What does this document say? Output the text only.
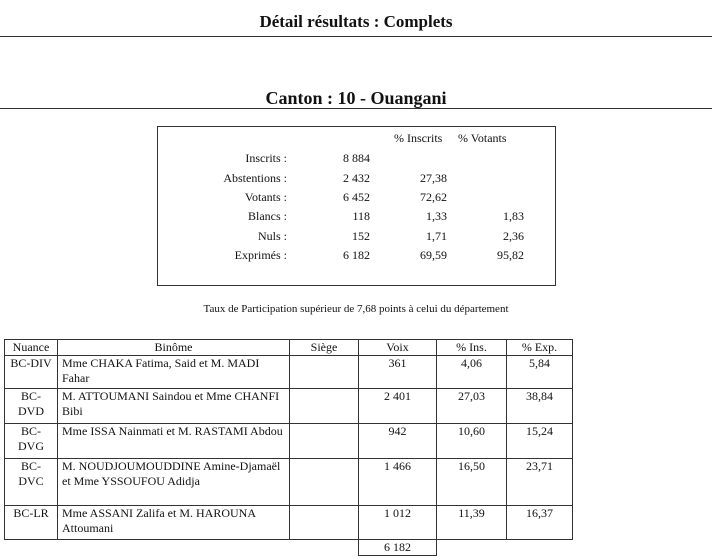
Détail résultats : Complets
Canton : 10 - Ouangani
% Inscrits % Votants
Inscrits :	8 884
Abstentions :	2 432	27,38
Votants :	6 452	72,62
Blancs :	118	1,33	1,83
Nuls :	152	1,71	2,36
Exprimés :	6 182	69,59	95,82
Taux de Participation supérieur de 7,68 points à celui du département
Nuance	Binôme	Siège	Voix	% Ins.	% Exp.
BC-DIV	Mme CHAKA Fatima, Said et M. MADI Fahar		361	4,06	5,84
BC-DVD	M. ATTOUMANI Saindou et Mme CHANFI Bibi		2 401	27,03	38,84
BC-DVG	Mme ISSA Nainmati et M. RASTAMI Abdou		942	10,60	15,24
BC-DVC	M. NOUDJOUMOUDDINE Amine-Djamaël et Mme YSSOUFOU Adidja		1 466	16,50	23,71
BC-LR	Mme ASSANI Zalifa et M. HAROUNA Attoumani		1 012	11,39	16,37
			6 182		
